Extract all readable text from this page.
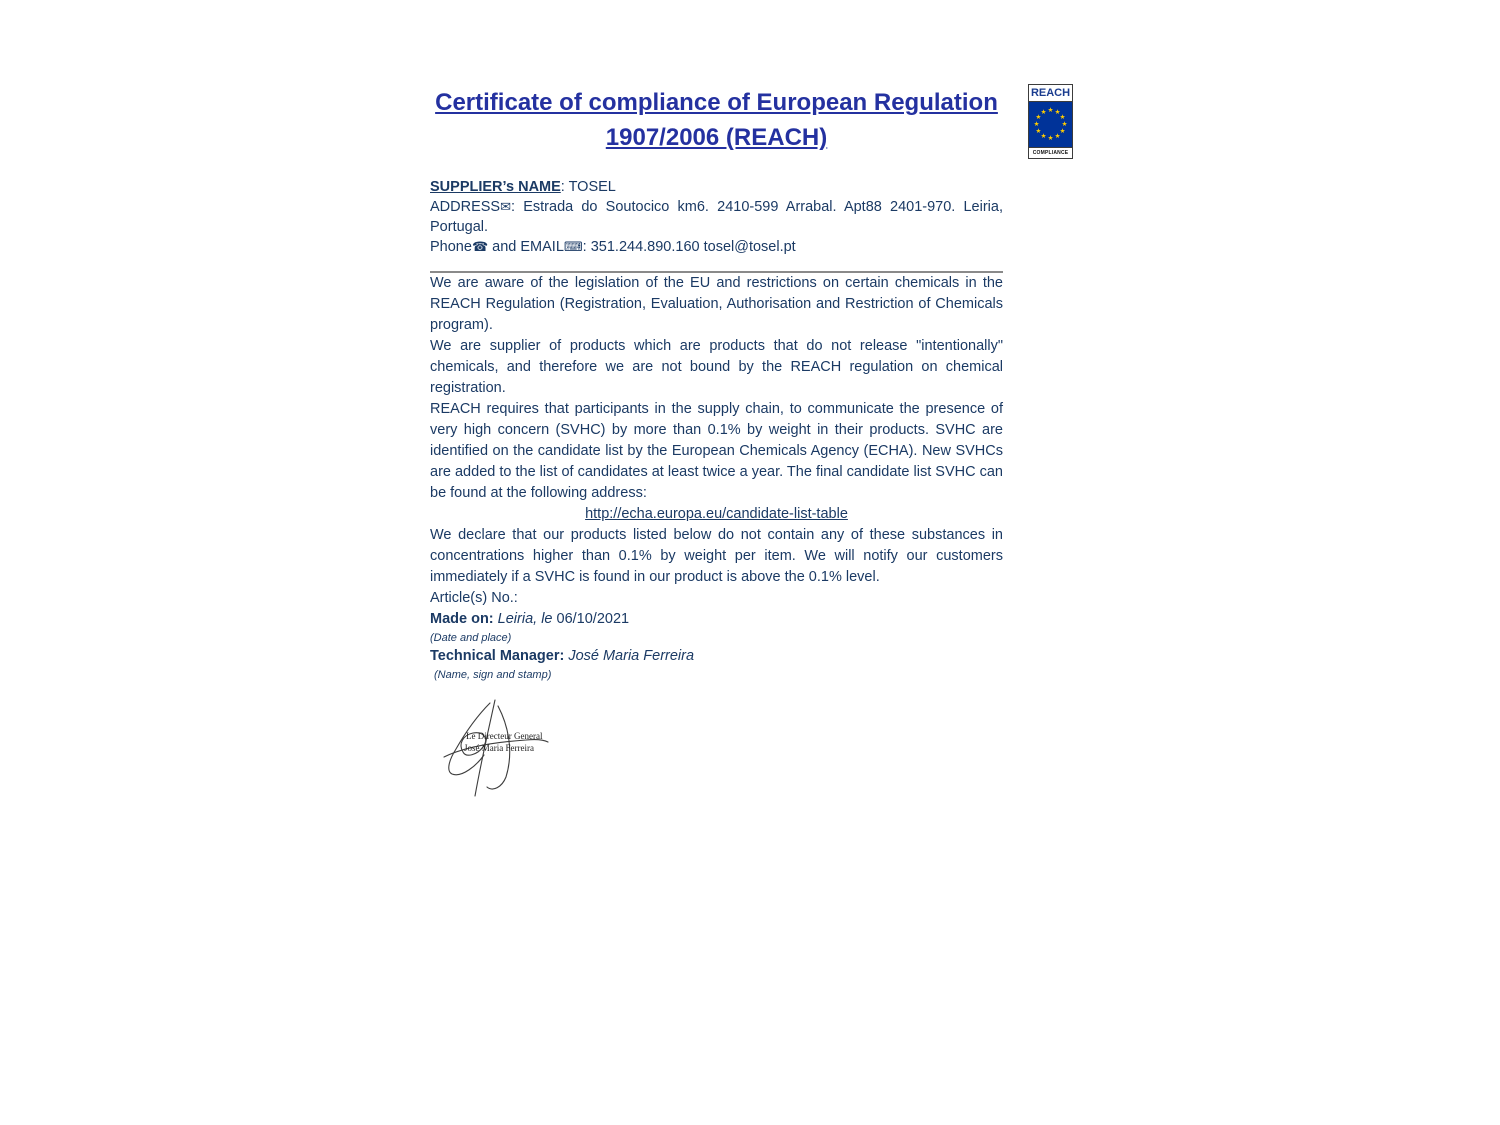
REACH
★ ★
★
★
★
★
★
★
★
★
★
★
COMPLIANCE
Certificate of compliance of European Regulation
1907/2006 (REACH)

SUPPLIER’s NAME: TOSEL

ADDRESS✉: Estrada do Soutocico km6. 2410-599 Arrabal. Apt88 2401-970. Leiria, Portugal.

Phone☎ and EMAIL⌨: 351.244.890.160 tosel@tosel.pt

We are aware of the legislation of the EU and restrictions on certain chemicals in the REACH Regulation (Registration, Evaluation, Authorisation and Restriction of Chemicals program).

We are supplier of products which are products that do not release "intentionally" chemicals, and therefore we are not bound by the REACH regulation on chemical registration.

REACH requires that participants in the supply chain, to communicate the presence of very high concern (SVHC) by more than 0.1% by weight in their products. SVHC are identified on the candidate list by the European Chemicals Agency (ECHA). New SVHCs are added to the list of candidates at least twice a year. The final candidate list SVHC can be found at the following address:

http://echa.europa.eu/candidate-list-table

We declare that our products listed below do not contain any of these substances in concentrations higher than 0.1% by weight per item. We will notify our customers immediately if a SVHC is found in our product is above the 0.1% level.

Article(s) No.:

Made on: Leiria, le 06/10/2021

(Date and place)

Technical Manager: José Maria Ferreira

(Name, sign and stamp)

Le Directeur General
José Maria Ferreira
